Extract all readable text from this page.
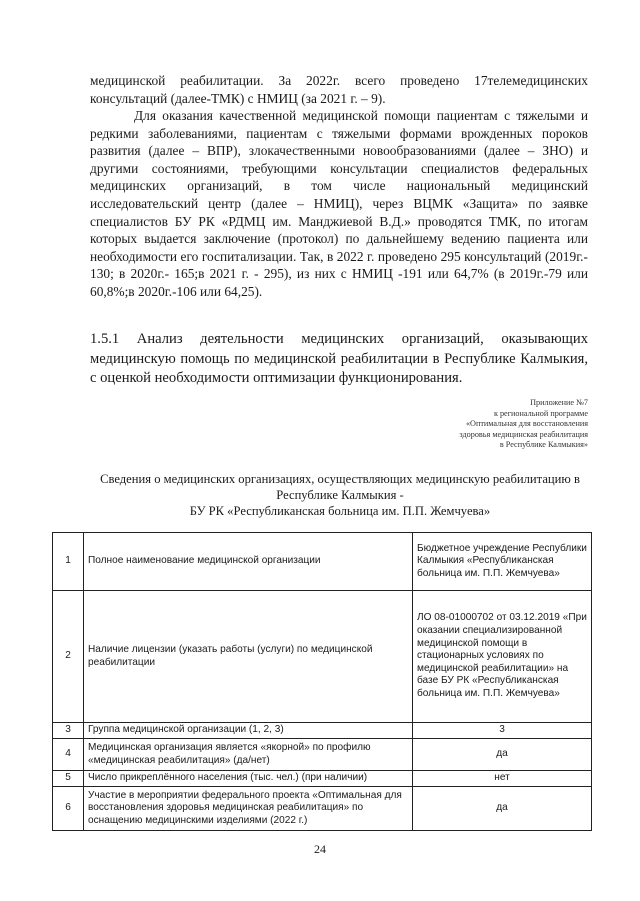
медицинской реабилитации. За 2022г. всего проведено 17телемедицинских консультаций (далее-ТМК) с НМИЦ (за 2021 г. – 9).

Для оказания качественной медицинской помощи пациентам с тяжелыми и редкими заболеваниями, пациентам с тяжелыми формами врожденных пороков развития (далее – ВПР), злокачественными новообразованиями (далее – ЗНО) и другими состояниями, требующими консультации специалистов федеральных медицинских организаций, в том числе национальный медицинский исследовательский центр (далее – НМИЦ), через ВЦМК «Защита» по заявке специалистов БУ РК «РДМЦ им. Манджиевой В.Д.» проводятся ТМК, по итогам которых выдается заключение (протокол) по дальнейшему ведению пациента или необходимости его госпитализации. Так, в 2022 г. проведено 295 консультаций (2019г.- 130; в 2020г.- 165;в 2021 г. - 295), из них с НМИЦ -191 или 64,7% (в 2019г.-79 или 60,8%;в 2020г.-106 или 64,25).

1.5.1 Анализ деятельности медицинских организаций, оказывающих медицинскую помощь по медицинской реабилитации в Республике Калмыкия, с оценкой необходимости оптимизации функционирования.

Приложение №7
к региональной программе
«Оптимальная для восстановления
здоровья медицинская реабилитация
в Республике Калмыкия»
Сведения о медицинских организациях, осуществляющих медицинскую реабилитацию в
Республике Калмыкия -
БУ РК «Республиканская больница им. П.П. Жемчуева»
1	Полное наименование медицинской организации	Бюджетное учреждение Республики Калмыкия «Республиканская больница им. П.П. Жемчуева»
2	Наличие лицензии (указать работы (услуги) по медицинской реабилитации	ЛО 08-01000702 от 03.12.2019 «При оказании специализированной медицинской помощи в стационарных условиях по медицинской реабилитации» на базе БУ РК «Республиканская больница им. П.П. Жемчуева»
3	Группа медицинской организации (1, 2, 3)	3
4	Медицинская организация является «якорной» по профилю «медицинская реабилитация» (да/нет)	да
5	Число прикреплённого населения (тыс. чел.) (при наличии)	нет
6	Участие в мероприятии федерального проекта «Оптимальная для восстановления здоровья медицинская реабилитация» по оснащению медицинскими изделиями (2022 г.)	да
24
